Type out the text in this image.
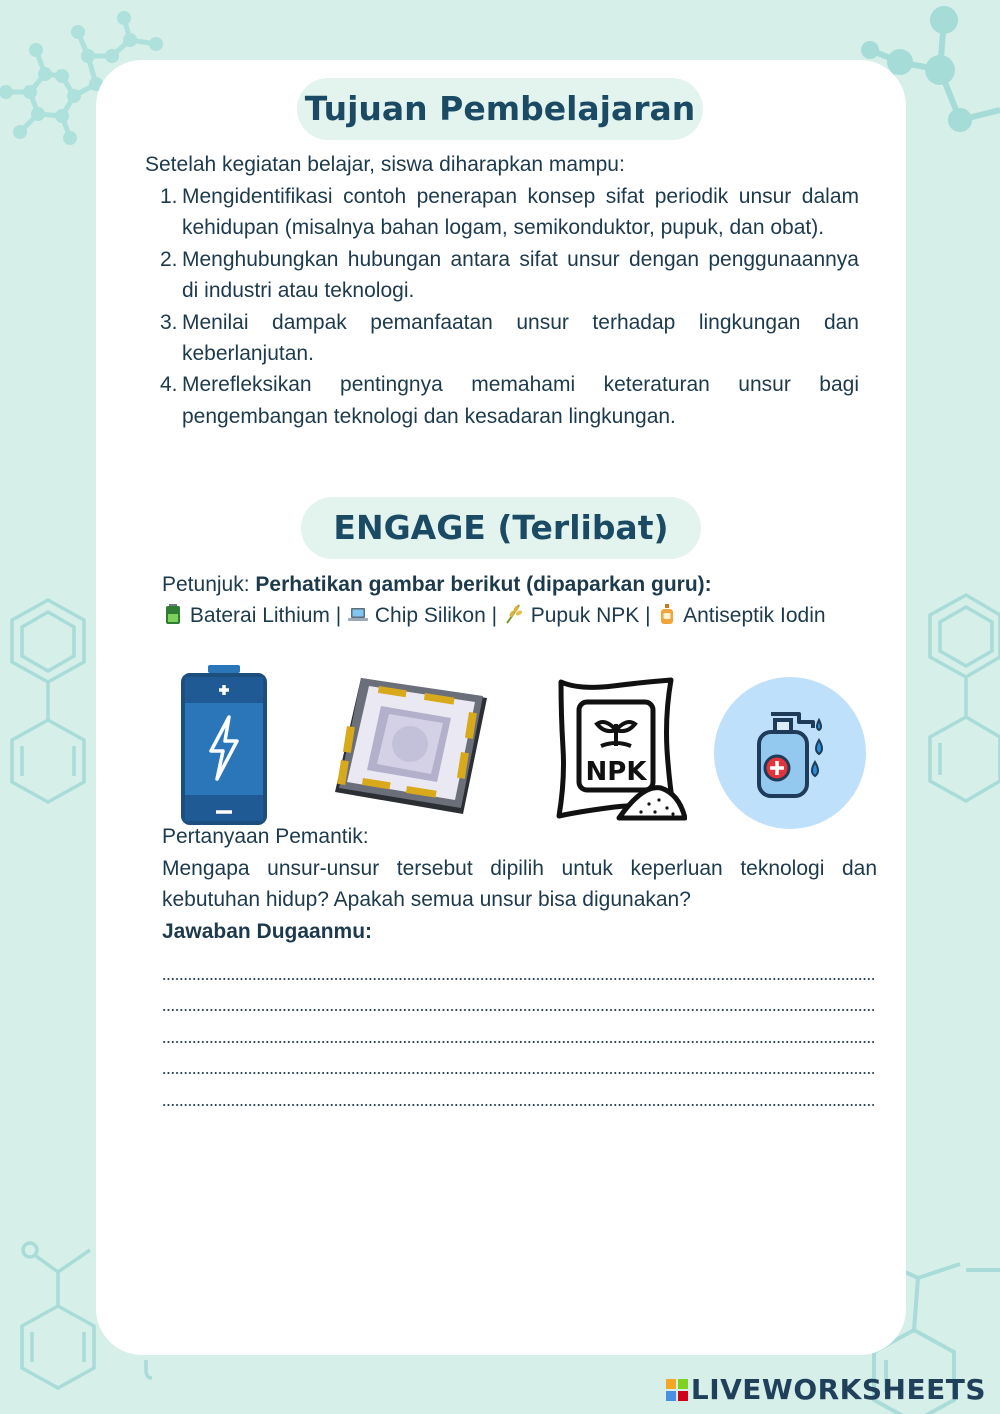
Tujuan Pembelajaran
Setelah kegiatan belajar, siswa diharapkan mampu:
1. Mengidentifikasi contoh penerapan konsep sifat periodik unsur dalam kehidupan (misalnya bahan logam, semikonduktor, pupuk, dan obat).
2. Menghubungkan hubungan antara sifat unsur dengan penggunaannya di industri atau teknologi.
3. Menilai dampak pemanfaatan unsur terhadap lingkungan dan keberlanjutan.
4. Merefleksikan pentingnya memahami keteraturan unsur bagi pengembangan teknologi dan kesadaran lingkungan.
ENGAGE (Terlibat)
Petunjuk: Perhatikan gambar berikut (dipaparkan guru):
Baterai Lithium |  Chip Silikon |  Pupuk NPK |  Antiseptik Iodin
NPK
Pertanyaan Pemantik:
Mengapa unsur-unsur tersebut dipilih untuk keperluan teknologi dan kebutuhan hidup? Apakah semua unsur bisa digunakan?
Jawaban Dugaanmu:
LIVEWORKSHEETS
